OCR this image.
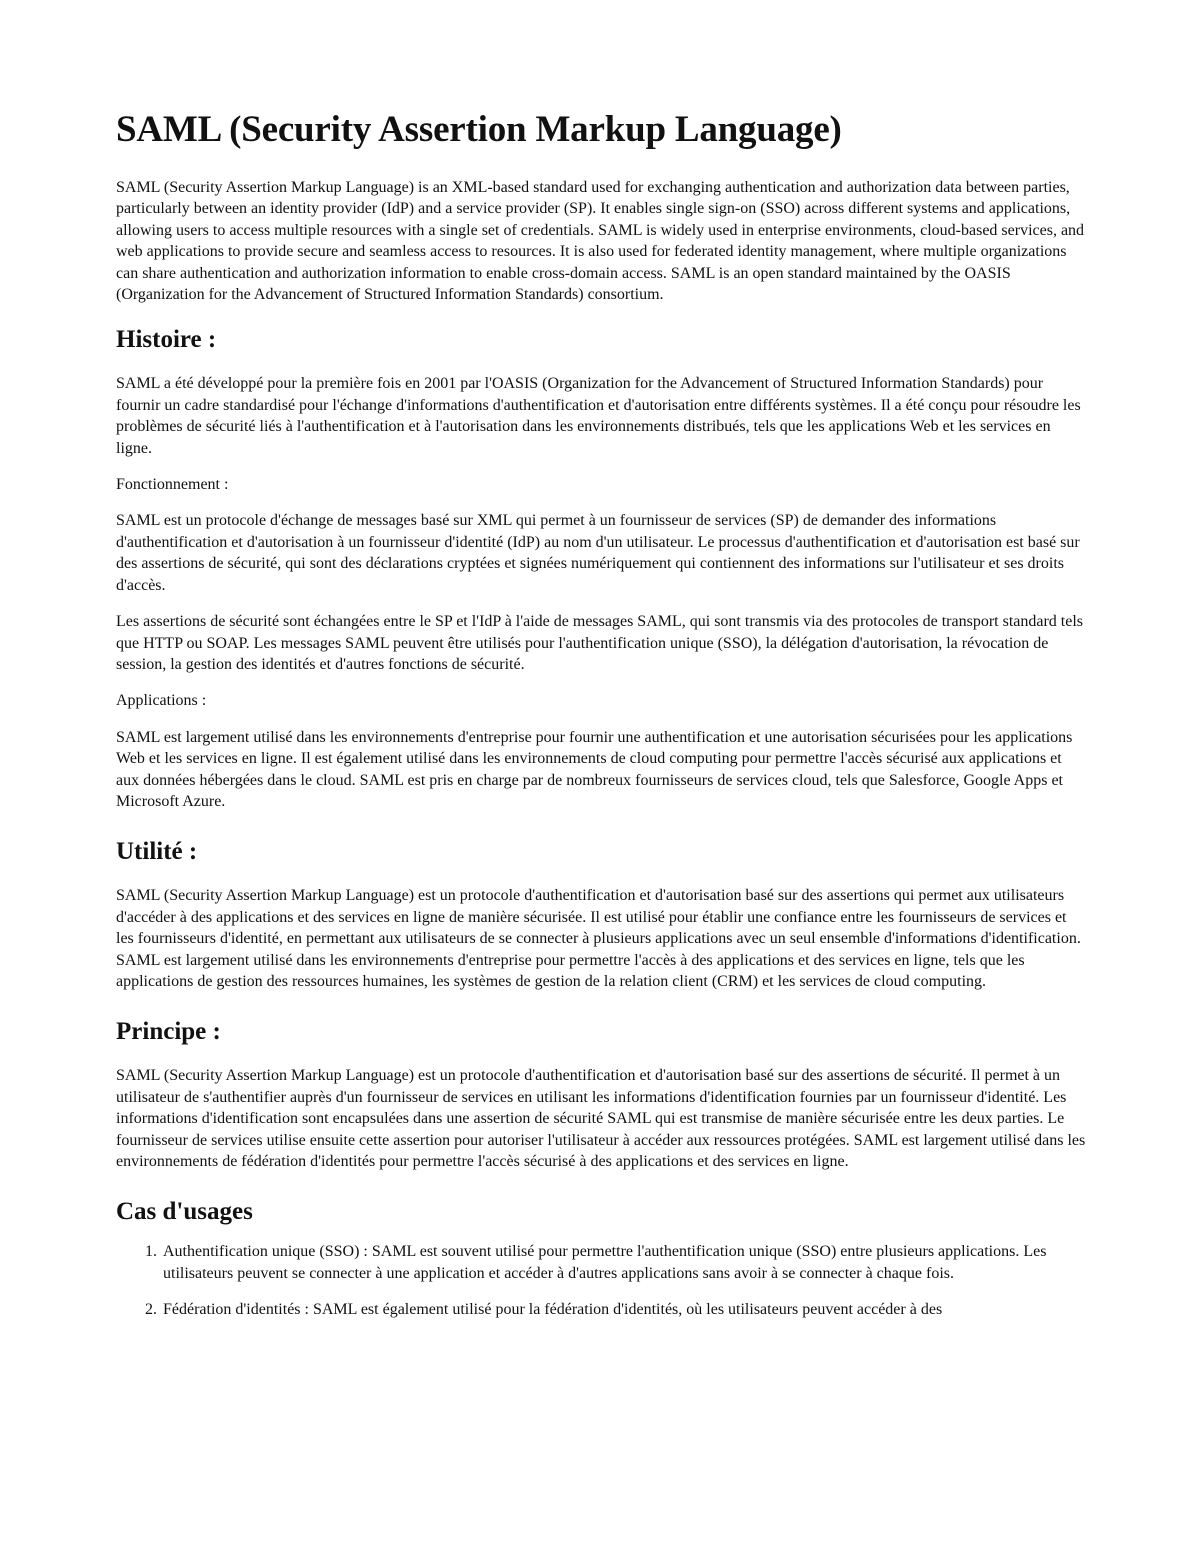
SAML (Security Assertion Markup Language)

SAML (Security Assertion Markup Language) is an XML-based standard used for exchanging authentication and authorization data between parties, particularly between an identity provider (IdP) and a service provider (SP). It enables single sign-on (SSO) across different systems and applications, allowing users to access multiple resources with a single set of credentials. SAML is widely used in enterprise environments, cloud-based services, and web applications to provide secure and seamless access to resources. It is also used for federated identity management, where multiple organizations can share authentication and authorization information to enable cross-domain access. SAML is an open standard maintained by the OASIS (Organization for the Advancement of Structured Information Standards) consortium.

Histoire :

SAML a été développé pour la première fois en 2001 par l'OASIS (Organization for the Advancement of Structured Information Standards) pour fournir un cadre standardisé pour l'échange d'informations d'authentification et d'autorisation entre différents systèmes. Il a été conçu pour résoudre les problèmes de sécurité liés à l'authentification et à l'autorisation dans les environnements distribués, tels que les applications Web et les services en ligne.

Fonctionnement :

SAML est un protocole d'échange de messages basé sur XML qui permet à un fournisseur de services (SP) de demander des informations d'authentification et d'autorisation à un fournisseur d'identité (IdP) au nom d'un utilisateur. Le processus d'authentification et d'autorisation est basé sur des assertions de sécurité, qui sont des déclarations cryptées et signées numériquement qui contiennent des informations sur l'utilisateur et ses droits d'accès.

Les assertions de sécurité sont échangées entre le SP et l'IdP à l'aide de messages SAML, qui sont transmis via des protocoles de transport standard tels que HTTP ou SOAP. Les messages SAML peuvent être utilisés pour l'authentification unique (SSO), la délégation d'autorisation, la révocation de session, la gestion des identités et d'autres fonctions de sécurité.

Applications :

SAML est largement utilisé dans les environnements d'entreprise pour fournir une authentification et une autorisation sécurisées pour les applications Web et les services en ligne. Il est également utilisé dans les environnements de cloud computing pour permettre l'accès sécurisé aux applications et aux données hébergées dans le cloud. SAML est pris en charge par de nombreux fournisseurs de services cloud, tels que Salesforce, Google Apps et Microsoft Azure.

Utilité :

SAML (Security Assertion Markup Language) est un protocole d'authentification et d'autorisation basé sur des assertions qui permet aux utilisateurs d'accéder à des applications et des services en ligne de manière sécurisée. Il est utilisé pour établir une confiance entre les fournisseurs de services et les fournisseurs d'identité, en permettant aux utilisateurs de se connecter à plusieurs applications avec un seul ensemble d'informations d'identification. SAML est largement utilisé dans les environnements d'entreprise pour permettre l'accès à des applications et des services en ligne, tels que les applications de gestion des ressources humaines, les systèmes de gestion de la relation client (CRM) et les services de cloud computing.

Principe :

SAML (Security Assertion Markup Language) est un protocole d'authentification et d'autorisation basé sur des assertions de sécurité. Il permet à un utilisateur de s'authentifier auprès d'un fournisseur de services en utilisant les informations d'identification fournies par un fournisseur d'identité. Les informations d'identification sont encapsulées dans une assertion de sécurité SAML qui est transmise de manière sécurisée entre les deux parties. Le fournisseur de services utilise ensuite cette assertion pour autoriser l'utilisateur à accéder aux ressources protégées. SAML est largement utilisé dans les environnements de fédération d'identités pour permettre l'accès sécurisé à des applications et des services en ligne.

Cas d'usages
1. Authentification unique (SSO) : SAML est souvent utilisé pour permettre l'authentification unique (SSO) entre plusieurs applications. Les utilisateurs peuvent se connecter à une application et accéder à d'autres applications sans avoir à se connecter à chaque fois.
2. Fédération d'identités : SAML est également utilisé pour la fédération d'identités, où les utilisateurs peuvent accéder à des
